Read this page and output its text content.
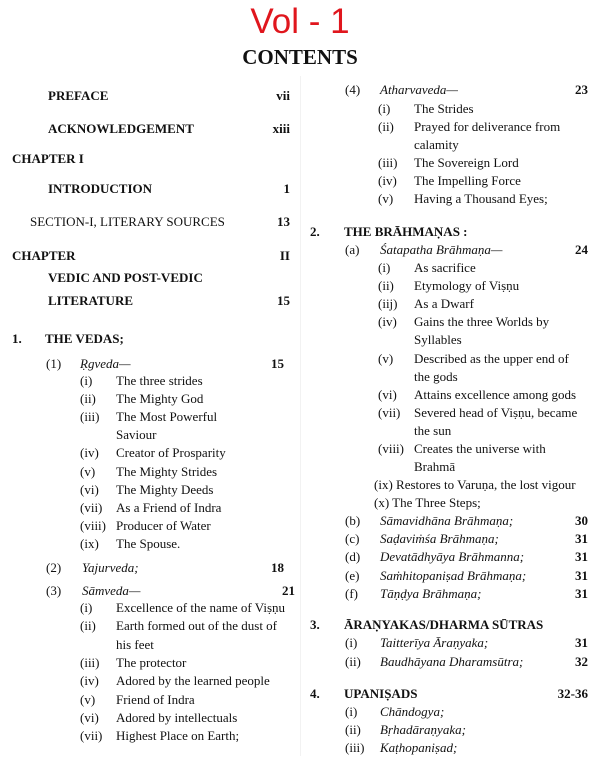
Vol - 1
CONTENTS
PREFACE	vii
ACKNOWLEDGEMENT	xiii
CHAPTER I
INTRODUCTION	1
SECTION-I, LITERARY SOURCES	13
CHAPTER	II
VEDIC AND POST-VEDIC
LITERATURE	15
1. THE VEDAS;
(1) Ṛgveda—	15
(i) The three strides
(ii) The Mighty God
(iii) The Most Powerful
Saviour
(iv) Creator of Prosparity
(v) The Mighty Strides
(vi) The Mighty Deeds
(vii) As a Friend of Indra
(viii) Producer of Water
(ix) The Spouse.
(2) Yajurveda;	18
(3) Sāmveda—	21
(i) Excellence of the name of Viṣṇu
(ii) Earth formed out of the dust of
his feet
(iii) The protector
(iv) Adored by the learned people
(v) Friend of Indra
(vi) Adored by intellectuals
(vii) Highest Place on Earth;
(4) Atharvaveda—	23
(i) The Strides
(ii) Prayed for deliverance from
calamity
(iii) The Sovereign Lord
(iv) The Impelling Force
(v) Having a Thousand Eyes;
2. THE BRĀHMAṆAS :
(a) Śatapatha Brāhmaṇa—	24
(i) As sacrifice
(ii) Etymology of Viṣṇu
(iij) As a Dwarf
(iv) Gains the three Worlds by
Syllables
(v) Described as the upper end of
the gods
(vi) Attains excellence among gods
(vii) Severed head of Viṣṇu, became
the sun
(viii) Creates the universe with
Brahmā
(ix) Restores to Varuṇa, the lost vigour
(x) The Three Steps;
(b) Sāmavidhāna Brāhmaṇa;	30
(c) Saḍaviṁśa Brāhmaṇa;	31
(d) Devatādhyāya Brāhmanna;	31
(e) Saṁhitopaniṣad Brāhmaṇa;	31
(f) Tāṇḍya Brāhmaṇa;	31
3. ĀRAṆYAKAS/DHARMA SŪTRAS
(i) Taitterīya Āraṇyaka;	31
(ii) Baudhāyana Dharamsūtra;	32
4. UPANIṢADS	32-36
(i) Chāndogya;
(ii) Bṛhadāraṇyaka;
(iii) Kaṭhopaniṣad;
